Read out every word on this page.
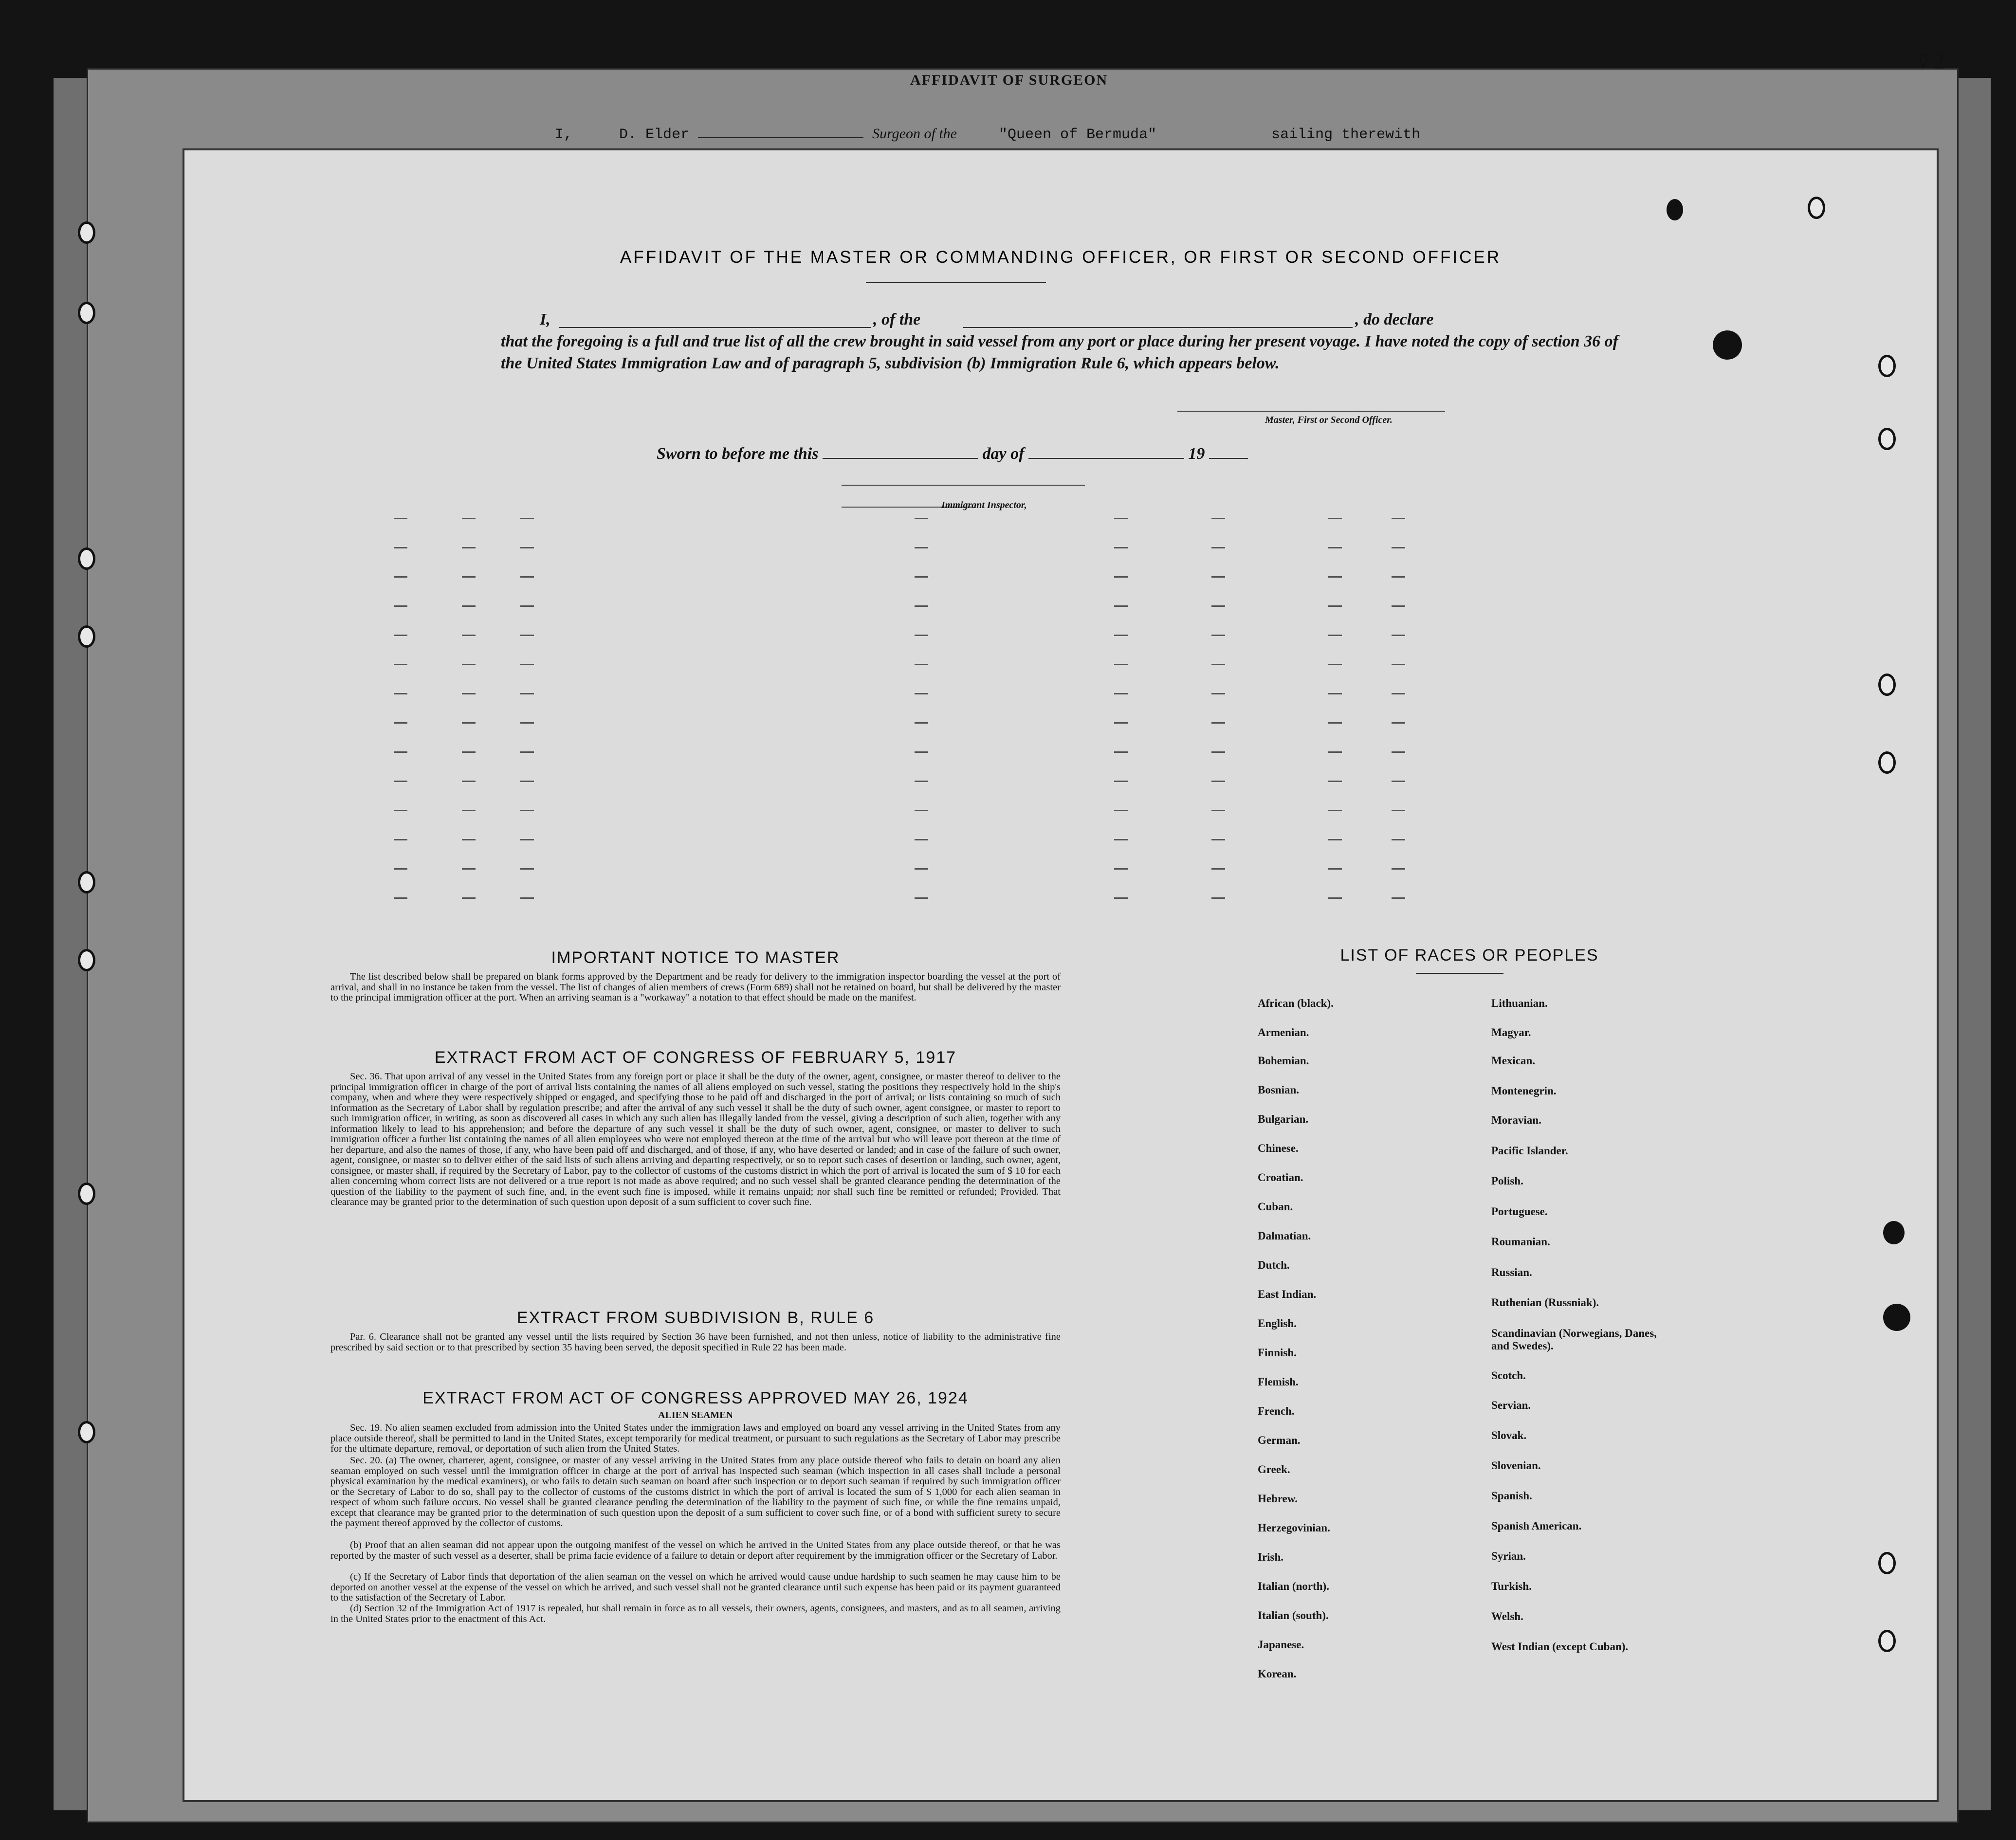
AFFIDAVIT OF SURGEON
I,	D. Elder	Surgeon of the	"Queen of Bermuda"	sailing therewith
ṽ 2
AFFIDAVIT OF THE MASTER OR COMMANDING OFFICER, OR FIRST OR SECOND OFFICER
I,	, of the	, do declare
that the foregoing is a full and true list of all the crew brought in said vessel from any port or place during her present voyage. I have noted the copy of section 36 of the United States Immigration Law and of paragraph 5, subdivision (b) Immigration Rule 6, which appears below.
Master, First or Second Officer.
Sworn to before me this	day of	19
Immigrant Inspector,
IMPORTANT NOTICE TO MASTER
The list described below shall be prepared on blank forms approved by the Department and be ready for delivery to the immigration inspector boarding the vessel at the port of arrival, and shall in no instance be taken from the vessel. The list of changes of alien members of crews (Form 689) shall not be retained on board, but shall be delivered by the master to the principal immigration officer at the port. When an arriving seaman is a "workaway" a notation to that effect should be made on the manifest.
EXTRACT FROM ACT OF CONGRESS OF FEBRUARY 5, 1917
Sec. 36. That upon arrival of any vessel in the United States from any foreign port or place it shall be the duty of the owner, agent, consignee, or master thereof to deliver to the principal immigration officer in charge of the port of arrival lists containing the names of all aliens employed on such vessel, stating the positions they respectively hold in the ship's company, when and where they were respectively shipped or engaged, and specifying those to be paid off and discharged in the port of arrival; or lists containing so much of such information as the Secretary of Labor shall by regulation prescribe; and after the arrival of any such vessel it shall be the duty of such owner, agent consignee, or master to report to such immigration officer, in writing, as soon as discovered all cases in which any such alien has illegally landed from the vessel, giving a description of such alien, together with any information likely to lead to his apprehension; and before the departure of any such vessel it shall be the duty of such owner, agent, consignee, or master to deliver to such immigration officer a further list containing the names of all alien employees who were not employed thereon at the time of the arrival but who will leave port thereon at the time of her departure, and also the names of those, if any, who have been paid off and discharged, and of those, if any, who have deserted or landed; and in case of the failure of such owner, agent, consignee, or master so to deliver either of the said lists of such aliens arriving and departing respectively, or so to report such cases of desertion or landing, such owner, agent, consignee, or master shall, if required by the Secretary of Labor, pay to the collector of customs of the customs district in which the port of arrival is located the sum of $ 10 for each alien concerning whom correct lists are not delivered or a true report is not made as above required; and no such vessel shall be granted clearance pending the determination of the question of the liability to the payment of such fine, and, in the event such fine is imposed, while it remains unpaid; nor shall such fine be remitted or refunded; Provided. That clearance may be granted prior to the determination of such question upon deposit of a sum sufficient to cover such fine.
EXTRACT FROM SUBDIVISION B, RULE 6
Par. 6. Clearance shall not be granted any vessel until the lists required by Section 36 have been furnished, and not then unless, notice of liability to the administrative fine prescribed by said section or to that prescribed by section 35 having been served, the deposit specified in Rule 22 has been made.
EXTRACT FROM ACT OF CONGRESS APPROVED MAY 26, 1924
ALIEN SEAMEN
Sec. 19. No alien seamen excluded from admission into the United States under the immigration laws and employed on board any vessel arriving in the United States from any place outside thereof, shall be permitted to land in the United States, except temporarily for medical treatment, or pursuant to such regulations as the Secretary of Labor may prescribe for the ultimate departure, removal, or deportation of such alien from the United States.
Sec. 20. (a) The owner, charterer, agent, consignee, or master of any vessel arriving in the United States from any place outside thereof who fails to detain on board any alien seaman employed on such vessel until the immigration officer in charge at the port of arrival has inspected such seaman (which inspection in all cases shall include a personal physical examination by the medical examiners), or who fails to detain such seaman on board after such inspection or to deport such seaman if required by such immigration officer or the Secretary of Labor to do so, shall pay to the collector of customs of the customs district in which the port of arrival is located the sum of $ 1,000 for each alien seaman in respect of whom such failure occurs. No vessel shall be granted clearance pending the determination of the liability to the payment of such fine, or while the fine remains unpaid, except that clearance may be granted prior to the determination of such question upon the deposit of a sum sufficient to cover such fine, or of a bond with sufficient surety to secure the payment thereof approved by the collector of customs.
(b) Proof that an alien seaman did not appear upon the outgoing manifest of the vessel on which he arrived in the United States from any place outside thereof, or that he was reported by the master of such vessel as a deserter, shall be prima facie evidence of a failure to detain or deport after requirement by the immigration officer or the Secretary of Labor.
(c) If the Secretary of Labor finds that deportation of the alien seaman on the vessel on which he arrived would cause undue hardship to such seamen he may cause him to be deported on another vessel at the expense of the vessel on which he arrived, and such vessel shall not be granted clearance until such expense has been paid or its payment guaranteed to the satisfaction of the Secretary of Labor.
(d) Section 32 of the Immigration Act of 1917 is repealed, but shall remain in force as to all vessels, their owners, agents, consignees, and masters, and as to all seamen, arriving in the United States prior to the enactment of this Act.
LIST OF RACES OR PEOPLES
African (black).
Armenian.
Bohemian.
Bosnian.
Bulgarian.
Chinese.
Croatian.
Cuban.
Dalmatian.
Dutch.
East Indian.
English.
Finnish.
Flemish.
French.
German.
Greek.
Hebrew.
Herzegovinian.
Irish.
Italian (north).
Italian (south).
Japanese.
Korean.
Lithuanian.
Magyar.
Mexican.
Montenegrin.
Moravian.
Pacific Islander.
Polish.
Portuguese.
Roumanian.
Russian.
Ruthenian (Russniak).
Scandinavian (Norwegians, Danes, and Swedes).
Scotch.
Servian.
Slovak.
Slovenian.
Spanish.
Spanish American.
Syrian.
Turkish.
Welsh.
West Indian (except Cuban).
